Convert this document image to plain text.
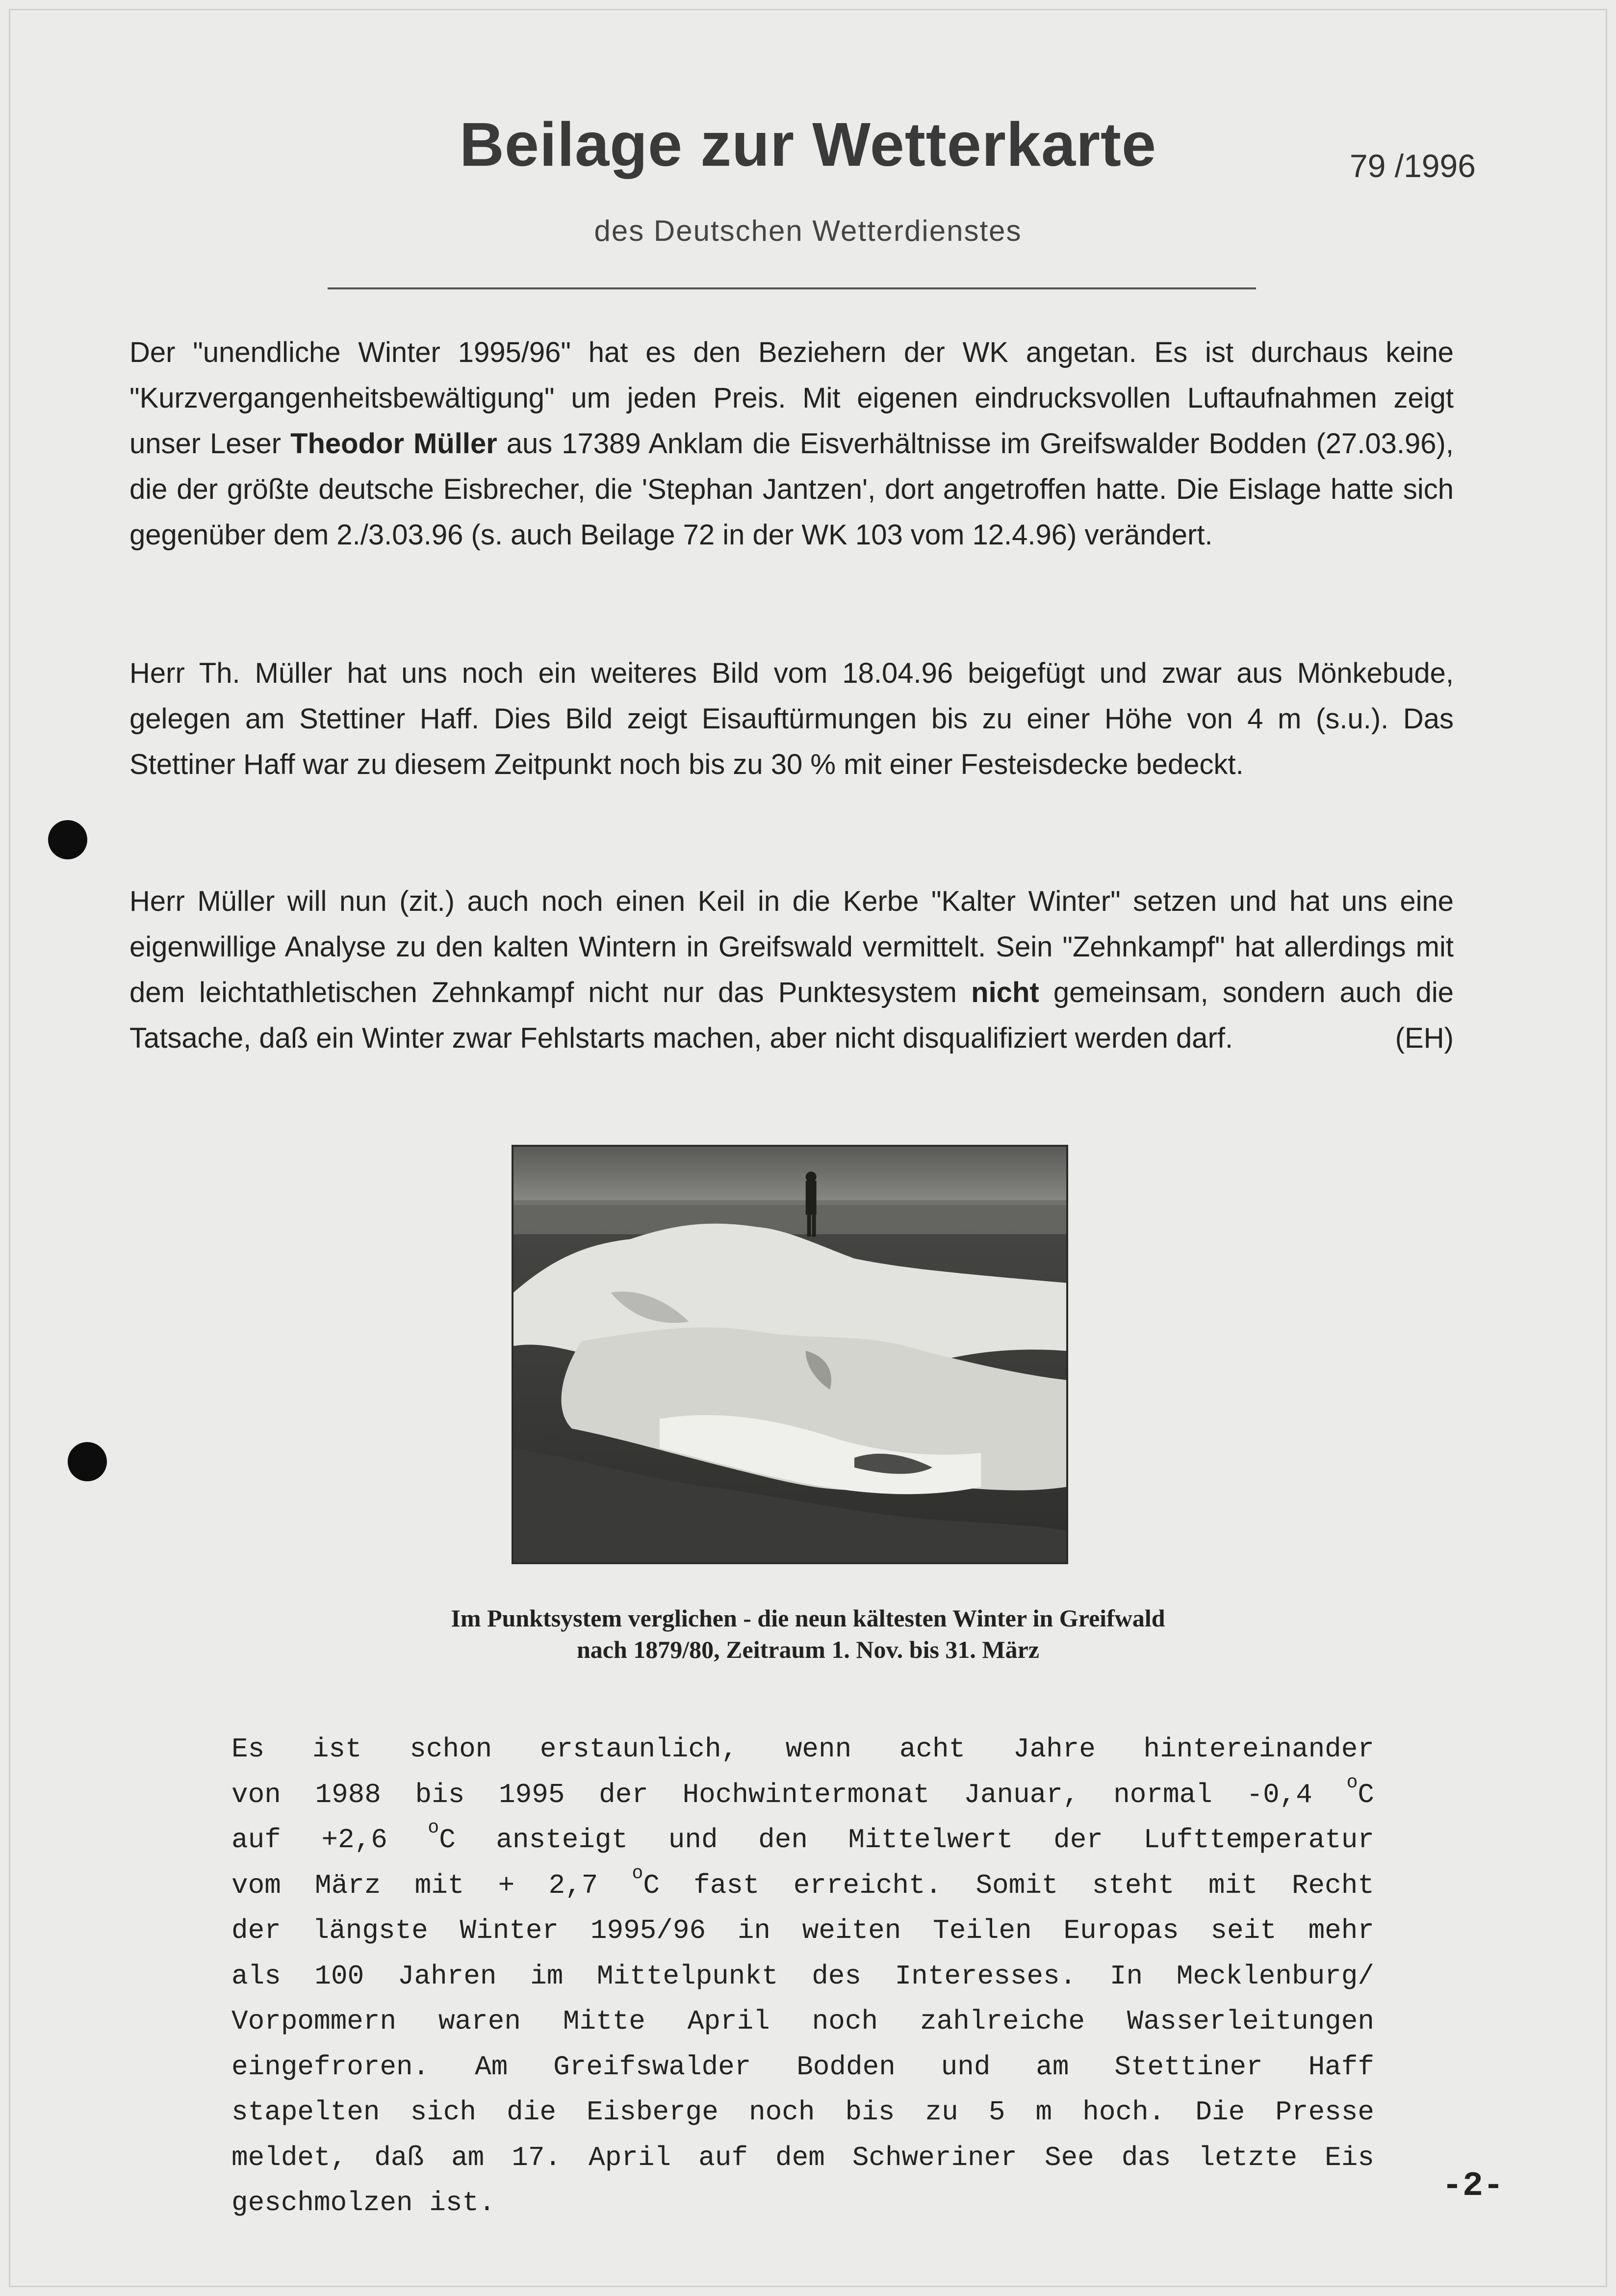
Beilage zur Wetterkarte	79 /1996
des Deutschen Wetterdienstes

Der "unendliche Winter 1995/96" hat es den Beziehern der WK angetan. Es ist durchaus keine "Kurzvergangenheitsbewältigung" um jeden Preis. Mit eigenen eindrucksvollen Luftaufnahmen zeigt unser Leser Theodor Müller aus 17389 Anklam die Eisverhältnisse im Greifswalder Bodden (27.03.96), die der größte deutsche Eisbrecher, die 'Stephan Jantzen', dort angetroffen hatte. Die Eislage hatte sich gegenüber dem 2./3.03.96 (s. auch Beilage 72 in der WK 103 vom 12.4.96) verändert.

Herr Th. Müller hat uns noch ein weiteres Bild vom 18.04.96 beigefügt und zwar aus Mönkebude, gelegen am Stettiner Haff. Dies Bild zeigt Eisauftürmungen bis zu einer Höhe von 4 m (s.u.). Das Stettiner Haff war zu diesem Zeitpunkt noch bis zu 30 % mit einer Festeisdecke bedeckt.

Herr Müller will nun (zit.) auch noch einen Keil in die Kerbe "Kalter Winter" setzen und hat uns eine eigenwillige Analyse zu den kalten Wintern in Greifswald vermittelt. Sein "Zehnkampf" hat allerdings mit dem leichtathletischen Zehnkampf nicht nur das Punktesystem nicht gemeinsam, sondern auch die Tatsache, daß ein Winter zwar Fehlstarts machen, aber nicht disqualifiziert werden darf.	(EH)

Im Punktsystem verglichen - die neun kältesten Winter in Greifwald
nach 1879/80, Zeitraum 1. Nov. bis 31. März
Es ist schon erstaunlich, wenn acht Jahre hintereinander
von 1988 bis 1995 der Hochwintermonat Januar, normal -0,4 $^o$C
auf +2,6 $^o$C ansteigt und den Mittelwert der Lufttemperatur
vom März mit + 2,7 $^o$C fast erreicht. Somit steht mit Recht
der längste Winter 1995/96 in weiten Teilen Europas seit mehr
als 100 Jahren im Mittelpunkt des Interesses. In Mecklenburg/
Vorpommern waren Mitte April noch zahlreiche Wasserleitungen
eingefroren. Am Greifswalder Bodden und am Stettiner Haff
stapelten sich die Eisberge noch bis zu 5 m hoch. Die Presse
meldet, daß am 17. April auf dem Schweriner See das letzte Eis
geschmolzen ist.	-2-
